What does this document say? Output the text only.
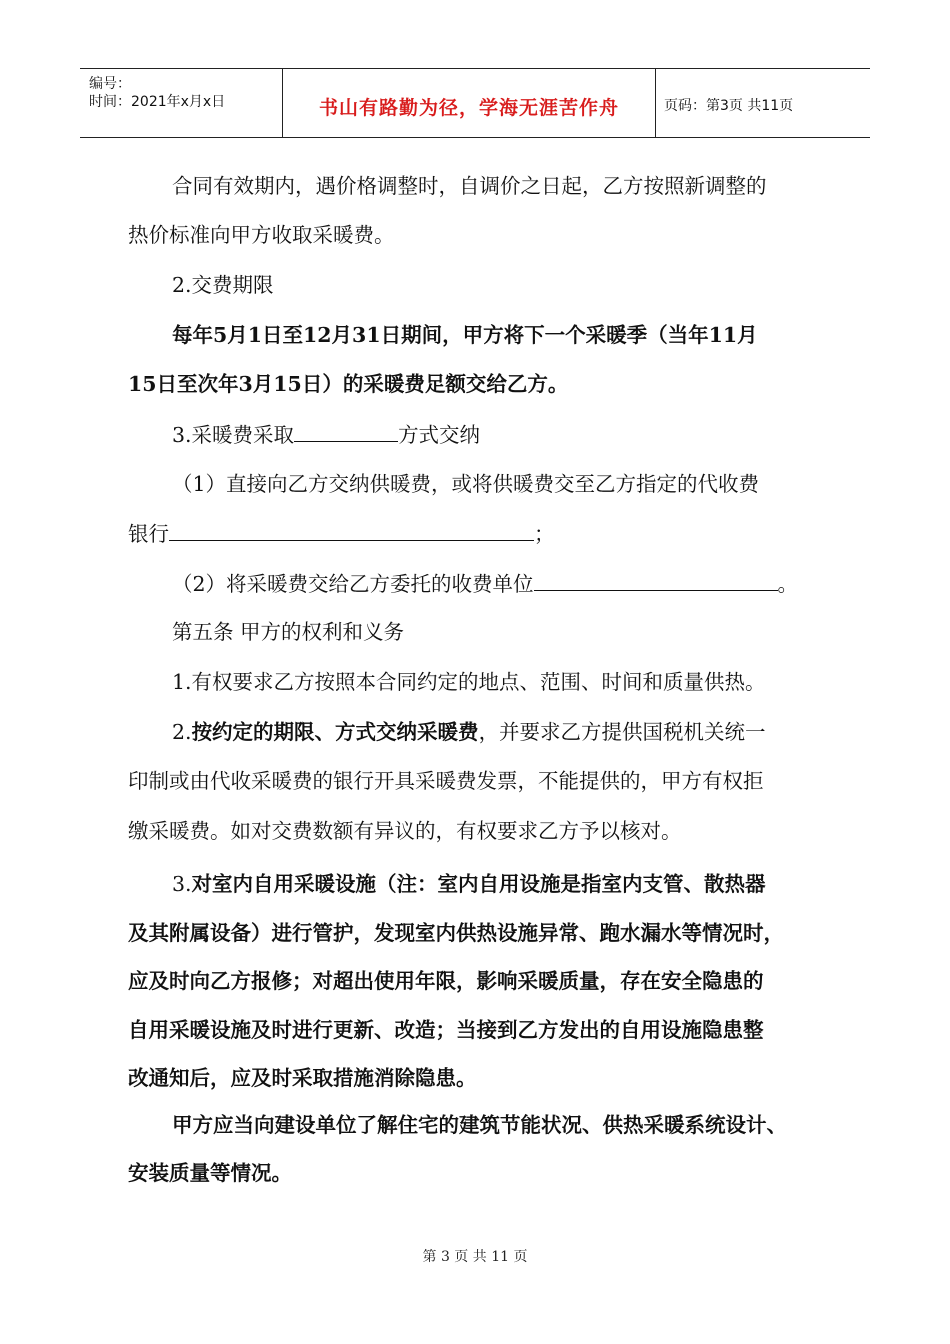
编号：
时间：2021年x月x日	书山有路勤为径，学海无涯苦作舟	页码：第3页 共11页
合同有效期内，遇价格调整时，自调价之日起，乙方按照新调整的
热价标准向甲方收取采暖费。
2.交费期限
每年5月1日至12月31日期间，甲方将下一个采暖季（当年11月
15日至次年3月15日）的采暖费足额交给乙方。
3.采暖费采取	方式交纳
（1）直接向乙方交纳供暖费，或将供暖费交至乙方指定的代收费
银行	；
（2）将采暖费交给乙方委托的收费单位	。
第五条 甲方的权利和义务
1.有权要求乙方按照本合同约定的地点、范围、时间和质量供热。
2.按约定的期限、方式交纳采暖费，并要求乙方提供国税机关统一
印制或由代收采暖费的银行开具采暖费发票，不能提供的，甲方有权拒
缴采暖费。如对交费数额有异议的，有权要求乙方予以核对。
3.对室内自用采暖设施（注：室内自用设施是指室内支管、散热器
及其附属设备）进行管护，发现室内供热设施异常、跑水漏水等情况时，
应及时向乙方报修；对超出使用年限，影响采暖质量，存在安全隐患的
自用采暖设施及时进行更新、改造；当接到乙方发出的自用设施隐患整
改通知后，应及时采取措施消除隐患。
甲方应当向建设单位了解住宅的建筑节能状况、供热采暖系统设计、
安装质量等情况。
第 3 页 共 11 页
